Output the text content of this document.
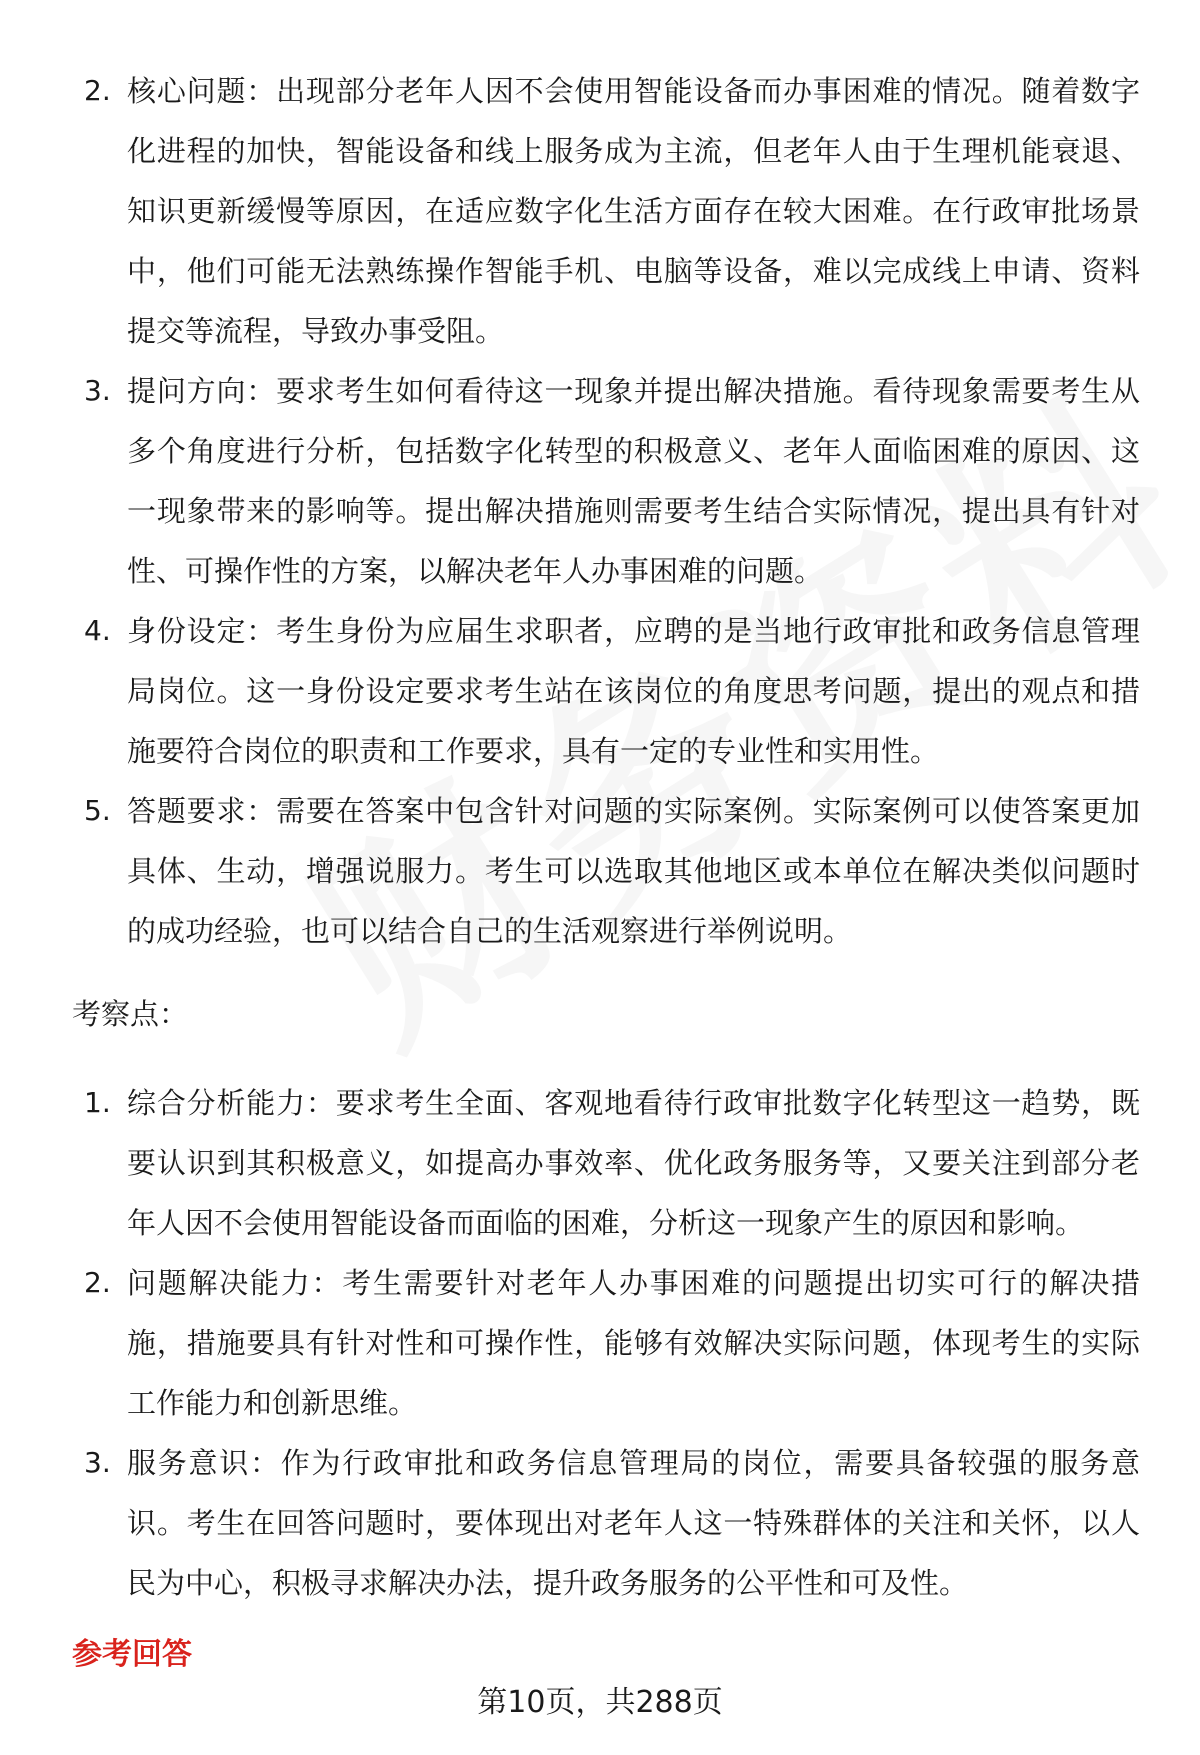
2. 核心问题：出现部分老年人因不会使用智能设备而办事困难的情况。随着数字化进程的加快，智能设备和线上服务成为主流，但老年人由于生理机能衰退、知识更新缓慢等原因，在适应数字化生活方面存在较大困难。在行政审批场景中，他们可能无法熟练操作智能手机、电脑等设备，难以完成线上申请、资料提交等流程，导致办事受阻。
3. 提问方向：要求考生如何看待这一现象并提出解决措施。看待现象需要考生从多个角度进行分析，包括数字化转型的积极意义、老年人面临困难的原因、这一现象带来的影响等。提出解决措施则需要考生结合实际情况，提出具有针对性、可操作性的方案，以解决老年人办事困难的问题。
4. 身份设定：考生身份为应届生求职者，应聘的是当地行政审批和政务信息管理局岗位。这一身份设定要求考生站在该岗位的角度思考问题，提出的观点和措施要符合岗位的职责和工作要求，具有一定的专业性和实用性。
5. 答题要求：需要在答案中包含针对问题的实际案例。实际案例可以使答案更加具体、生动，增强说服力。考生可以选取其他地区或本单位在解决类似问题时的成功经验，也可以结合自己的生活观察进行举例说明。
考察点：
1. 综合分析能力：要求考生全面、客观地看待行政审批数字化转型这一趋势，既要认识到其积极意义，如提高办事效率、优化政务服务等，又要关注到部分老年人因不会使用智能设备而面临的困难，分析这一现象产生的原因和影响。
2. 问题解决能力：考生需要针对老年人办事困难的问题提出切实可行的解决措施，措施要具有针对性和可操作性，能够有效解决实际问题，体现考生的实际工作能力和创新思维。
3. 服务意识：作为行政审批和政务信息管理局的岗位，需要具备较强的服务意识。考生在回答问题时，要体现出对老年人这一特殊群体的关注和关怀，以人民为中心，积极寻求解决办法，提升政务服务的公平性和可及性。
参考回答
第10页，共288页
